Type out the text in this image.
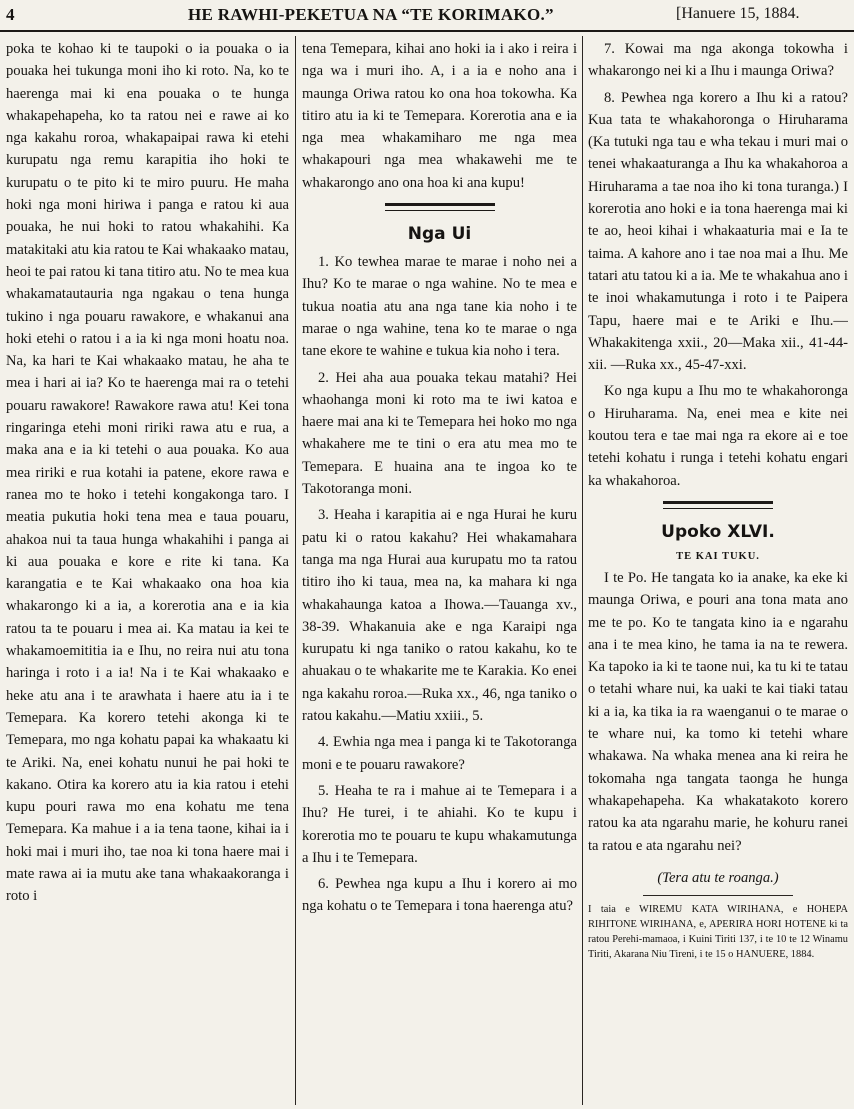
4	HE RAWHI-PEKETUA NA “TE KORIMAKO.”	[Hanuere 15, 1884.

poka te kohao ki te taupoki o ia pouaka o ia pouaka hei tukunga moni iho ki roto. Na, ko te haerenga mai ki ena pouaka o te hunga whakapehapeha, ko ta ratou nei e rawe ai ko nga kakahu roroa, whakapaipai rawa ki etehi kurupatu nga remu karapitia iho hoki te kurupatu o te pito ki te miro puuru. He maha hoki nga moni hiriwa i panga e ratou ki aua pouaka, he nui hoki to ratou whakahihi. Ka matakitaki atu kia ratou te Kai whakaako matau, heoi te pai ratou ki tana titiro atu. No te mea kua whakamatautauria nga ngakau o tena hunga tukino i nga pouaru rawakore, e whakanui ana hoki etehi o ratou i a ia ki nga moni hoatu noa. Na, ka hari te Kai whakaako matau, he aha te mea i hari ai ia? Ko te haerenga mai ra o tetehi pouaru rawakore! Rawakore rawa atu! Kei tona ringaringa etehi moni ririki rawa atu e rua, a maka ana e ia ki tetehi o aua pouaka. Ko aua mea ririki e rua kotahi ia patene, ekore rawa e ranea mo te hoko i tetehi kongakonga taro. I meatia pukutia hoki tena mea e taua pouaru, ahakoa nui ta taua hunga whakahihi i panga ai ki aua pouaka e kore e rite ki tana. Ka karangatia e te Kai whakaako ona hoa kia whakarongo ki a ia, a korerotia ana e ia kia ratou ta te pouaru i mea ai. Ka matau ia kei te whakamoemititia ia e Ihu, no reira nui atu tona haringa i roto i a ia! Na i te Kai whakaako e heke atu ana i te arawhata i haere atu ia i te Temepara. Ka korero tetehi akonga ki te Temepara, mo nga kohatu papai ka whakaatu ki te Ariki. Na, enei kohatu nunui he pai hoki te kakano. Otira ka korero atu ia kia ratou i etehi kupu pouri rawa mo ena kohatu me tena Temepara. Ka mahue i a ia tena taone, kihai ia i hoki mai i muri iho, tae noa ki tona haere mai i mate rawa ai ia mutu ake tana whakaakoranga i roto i

tena Temepara, kihai ano hoki ia i ako i reira i nga wa i muri iho. A, i a ia e noho ana i maunga Oriwa ratou ko ona hoa tokowha. Ka titiro atu ia ki te Temepara. Korerotia ana e ia nga mea whakamiharo me nga mea whakapouri nga mea whakawehi me te whakarongo ano ona hoa ki ana kupu!

Nga Ui

1. Ko tewhea marae te marae i noho nei a Ihu? Ko te marae o nga wahine. No te mea e tukua noatia atu ana nga tane kia noho i te marae o nga wahine, tena ko te marae o nga tane ekore te wahine e tukua kia noho i tera.

2. Hei aha aua pouaka tekau matahi? Hei whaohanga moni ki roto ma te iwi katoa e haere mai ana ki te Temepara hei hoko mo nga whakahere me te tini o era atu mea mo te Temepara. E huaina ana te ingoa ko te Takotoranga moni.

3. Heaha i karapitia ai e nga Hurai he kuru patu ki o ratou kakahu? Hei whakamahara tanga ma nga Hurai aua kurupatu mo ta ratou titiro iho ki taua, mea na, ka mahara ki nga whakahaunga katoa a Ihowa.—Tauanga xv., 38-39. Whakanuia ake e nga Karaipi nga kurupatu ki nga taniko o ratou kakahu, ko te ahuakau o te whakarite me te Karakia. Ko enei nga kakahu roroa.—Ruka xx., 46, nga taniko o ratou kakahu.—Matiu xxiii., 5.

4. Ewhia nga mea i panga ki te Takotoranga moni e te pouaru rawakore?

5. Heaha te ra i mahue ai te Temepara i a Ihu? He turei, i te ahiahi. Ko te kupu i korerotia mo te pouaru te kupu whakamutunga a Ihu i te Temepara.

6. Pewhea nga kupu a Ihu i korero ai mo nga kohatu o te Temepara i tona haerenga atu?

7. Kowai ma nga akonga tokowha i whakarongo nei ki a Ihu i maunga Oriwa?

8. Pewhea nga korero a Ihu ki a ratou? Kua tata te whakahoronga o Hiruharama (Ka tutuki nga tau e wha tekau i muri mai o tenei whakaaturanga a Ihu ka whakahoroa a Hiruharama a tae noa iho ki tona turanga.) I korerotia ano hoki e ia tona haerenga mai ki te ao, heoi kihai i whakaaturia mai e Ia te taima. A kahore ano i tae noa mai a Ihu. Me tatari atu tatou ki a ia. Me te whakahua ano i te inoi whakamutunga i roto i te Paipera Tapu, haere mai e te Ariki e Ihu.—Whakakitenga xxii., 20—Maka xii., 41-44-xii. —Ruka xx., 45-47-xxi.

Ko nga kupu a Ihu mo te whakahoronga o Hiruharama. Na, enei mea e kite nei koutou tera e tae mai nga ra ekore ai e toe tetehi kohatu i runga i tetehi kohatu engari ka whakahoroa.

Upoko XLVI.
TE KAI TUKU.

I te Po. He tangata ko ia anake, ka eke ki maunga Oriwa, e pouri ana tona mata ano me te po. Ko te tangata kino ia e ngarahu ana i te mea kino, he tama ia na te rewera. Ka tapoko ia ki te taone nui, ka tu ki te tatau o tetahi whare nui, ka uaki te kai tiaki tatau ki a ia, ka tika ia ra waenganui o te marae o te whare nui, ka tomo ki tetehi whare whakawa. Na whaka menea ana ki reira he tokomaha nga tangata taonga he hunga whakapehapeha. Ka whakatakoto korero ratou ka ata ngarahu marie, he kohuru ranei ta ratou e ata ngarahu nei?

(Tera atu te roanga.)

I taia e WIREMU KATA WIRIHANA, e HOHEPA RIHITONE WIRIHANA, e, APERIRA HORI HOTENE ki ta ratou Perehi-mamaoa, i Kuini Tiriti 137, i te 10 te 12 Winamu Tiriti, Akarana Niu Tireni, i te 15 o HANUERE, 1884.
